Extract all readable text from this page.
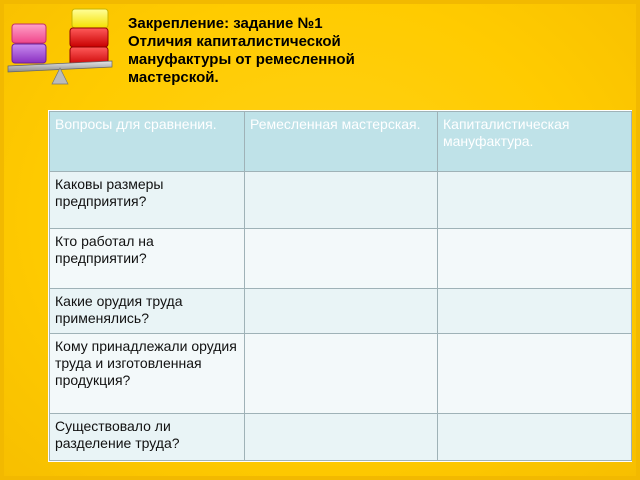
Закрепление: задание №1
Отличия капиталистической мануфактуры от ремесленной мастерской.
Вопросы для сравнения.	Ремесленная мастерская.	Капиталистическая мануфактура.
Каковы размеры предприятия?		
Кто работал на предприятии?		
Какие орудия труда применялись?		
Кому принадлежали орудия труда и изготовленная продукция?		
Существовало ли разделение труда?		
